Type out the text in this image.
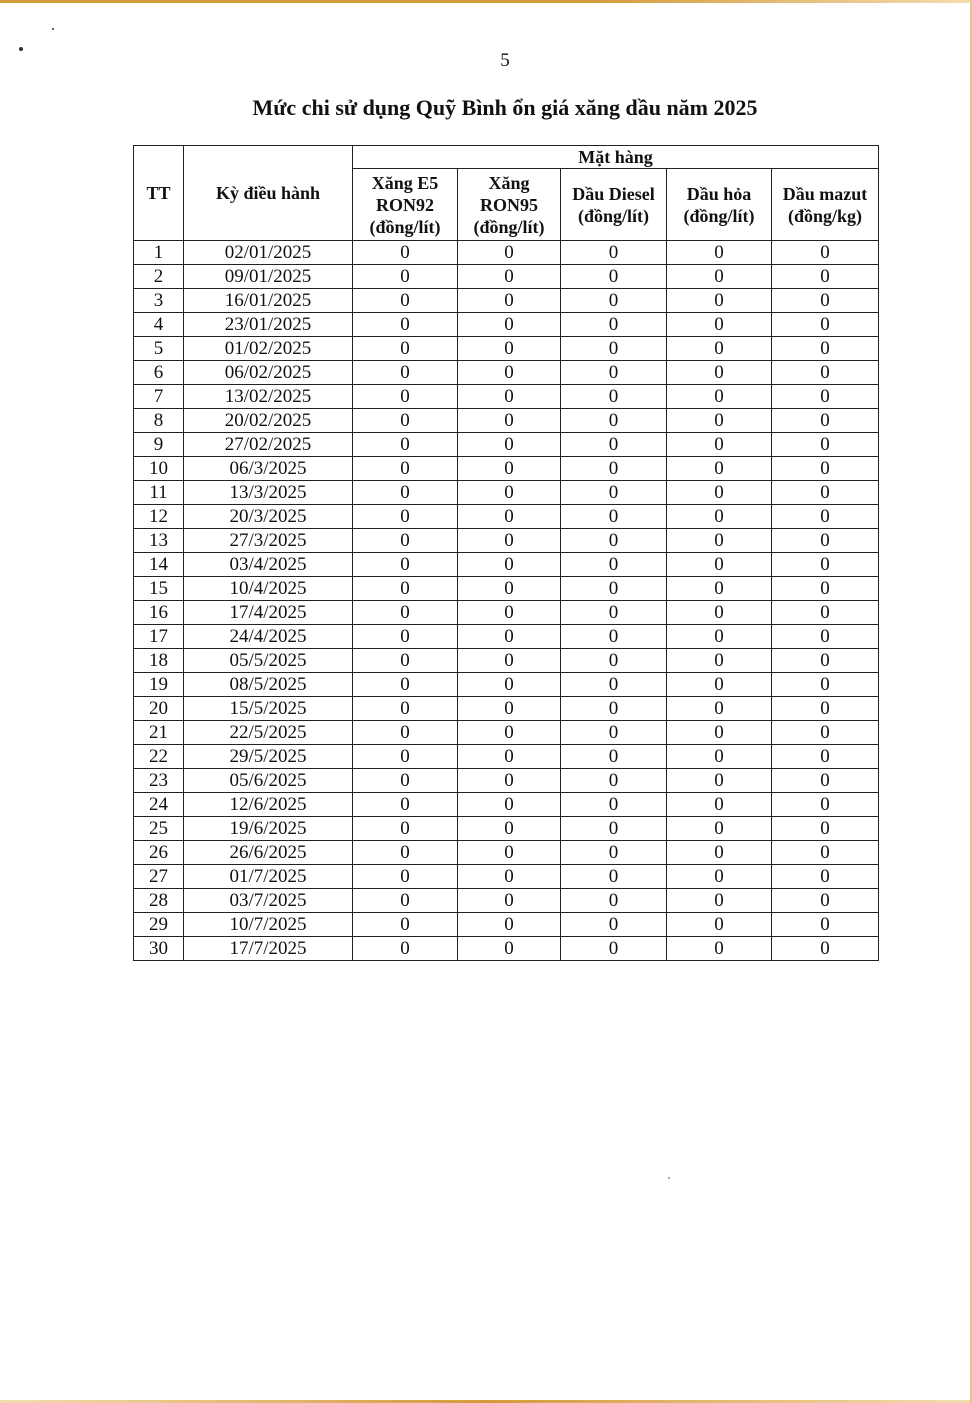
5
Mức chi sử dụng Quỹ Bình ổn giá xăng dầu năm 2025
TT	Kỳ điều hành	Mặt hàng				
		Xăng E5 RON92 (đồng/lít)	Xăng RON95 (đồng/lít)	Dầu Diesel (đồng/lít)	Dầu hỏa (đồng/lít)	Dầu mazut (đồng/kg)
1	02/01/2025	0	0	0	0	0
2	09/01/2025	0	0	0	0	0
3	16/01/2025	0	0	0	0	0
4	23/01/2025	0	0	0	0	0
5	01/02/2025	0	0	0	0	0
6	06/02/2025	0	0	0	0	0
7	13/02/2025	0	0	0	0	0
8	20/02/2025	0	0	0	0	0
9	27/02/2025	0	0	0	0	0
10	06/3/2025	0	0	0	0	0
11	13/3/2025	0	0	0	0	0
12	20/3/2025	0	0	0	0	0
13	27/3/2025	0	0	0	0	0
14	03/4/2025	0	0	0	0	0
15	10/4/2025	0	0	0	0	0
16	17/4/2025	0	0	0	0	0
17	24/4/2025	0	0	0	0	0
18	05/5/2025	0	0	0	0	0
19	08/5/2025	0	0	0	0	0
20	15/5/2025	0	0	0	0	0
21	22/5/2025	0	0	0	0	0
22	29/5/2025	0	0	0	0	0
23	05/6/2025	0	0	0	0	0
24	12/6/2025	0	0	0	0	0
25	19/6/2025	0	0	0	0	0
26	26/6/2025	0	0	0	0	0
27	01/7/2025	0	0	0	0	0
28	03/7/2025	0	0	0	0	0
29	10/7/2025	0	0	0	0	0
30	17/7/2025	0	0	0	0	0
